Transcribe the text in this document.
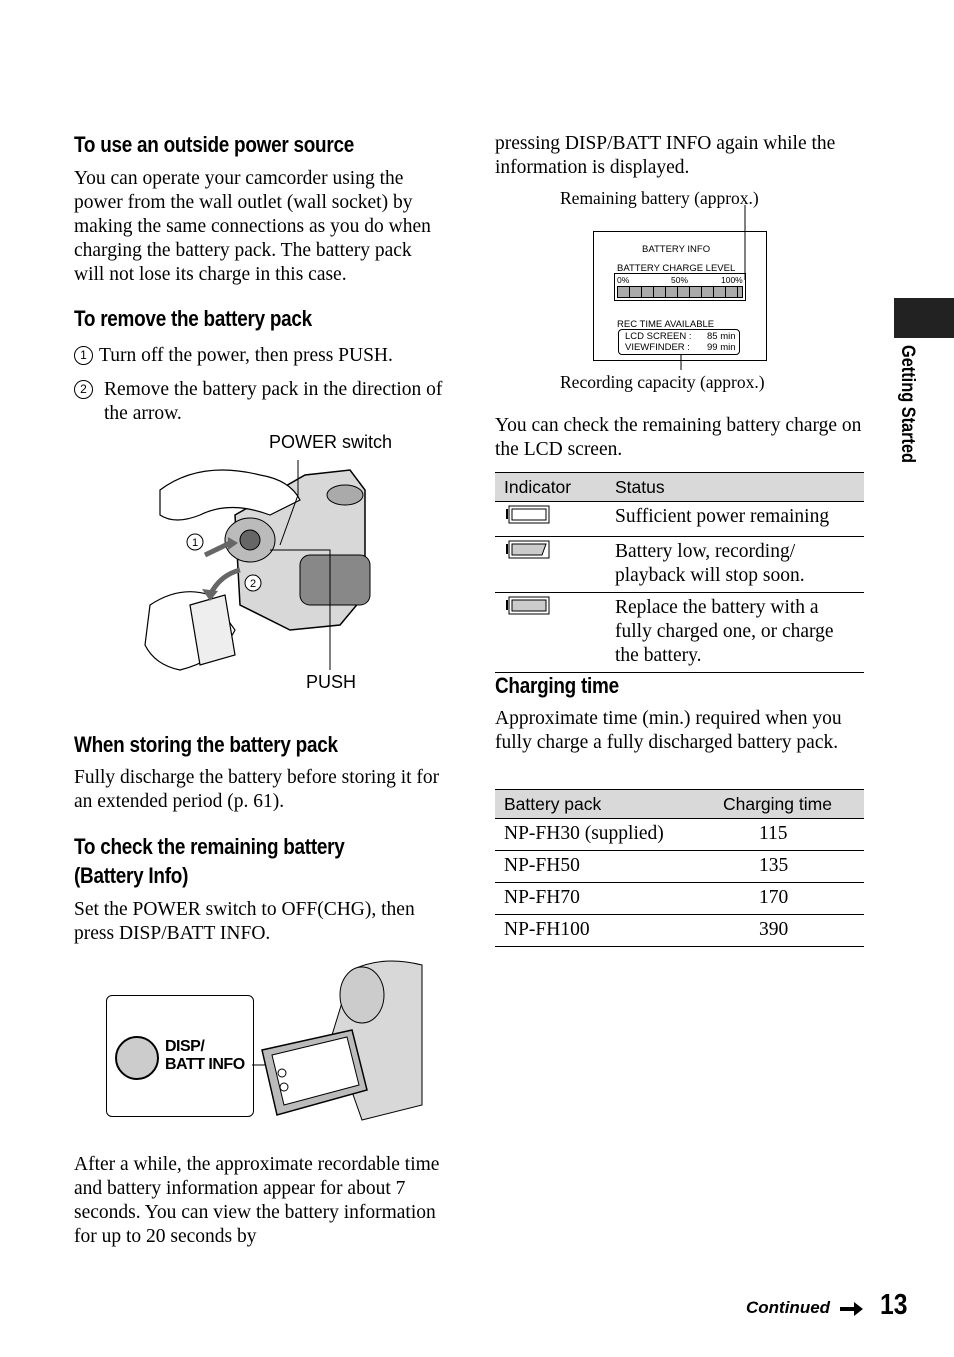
To use an outside power source
You can operate your camcorder using the power from the wall outlet (wall socket) by making the same connections as you do when charging the battery pack. The battery pack will not lose its charge in this case.
To remove the battery pack
1 Turn off the power, then press PUSH.
2 Remove the battery pack in the direction of the arrow.
POWER switch
PUSH
1
2
When storing the battery pack
Fully discharge the battery before storing it for an extended period (p. 61).
To check the remaining battery
(Battery Info)
Set the POWER switch to OFF(CHG), then press DISP/BATT INFO.
DISP/
BATT INFO
After a while, the approximate recordable time and battery information appear for about 7 seconds. You can view the battery information for up to 20 seconds by
pressing DISP/BATT INFO again while the information is displayed.
Remaining battery (approx.)
Recording capacity (approx.)
BATTERY INFO
BATTERY CHARGE LEVEL
0%	50%	100%
REC TIME AVAILABLE
LCD SCREEN : 85 min
VIEWFINDER : 99 min
You can check the remaining battery charge on the LCD screen.
Indicator	Status
	Sufficient power remaining
	Battery low, recording/ playback will stop soon.
	Replace the battery with a fully charged one, or charge the battery.
Charging time
Approximate time (min.) required when you fully charge a fully discharged battery pack.
Battery pack	Charging time
NP-FH30 (supplied)	115
NP-FH50	135
NP-FH70	170
NP-FH100	390
Getting Started
Continued 13
